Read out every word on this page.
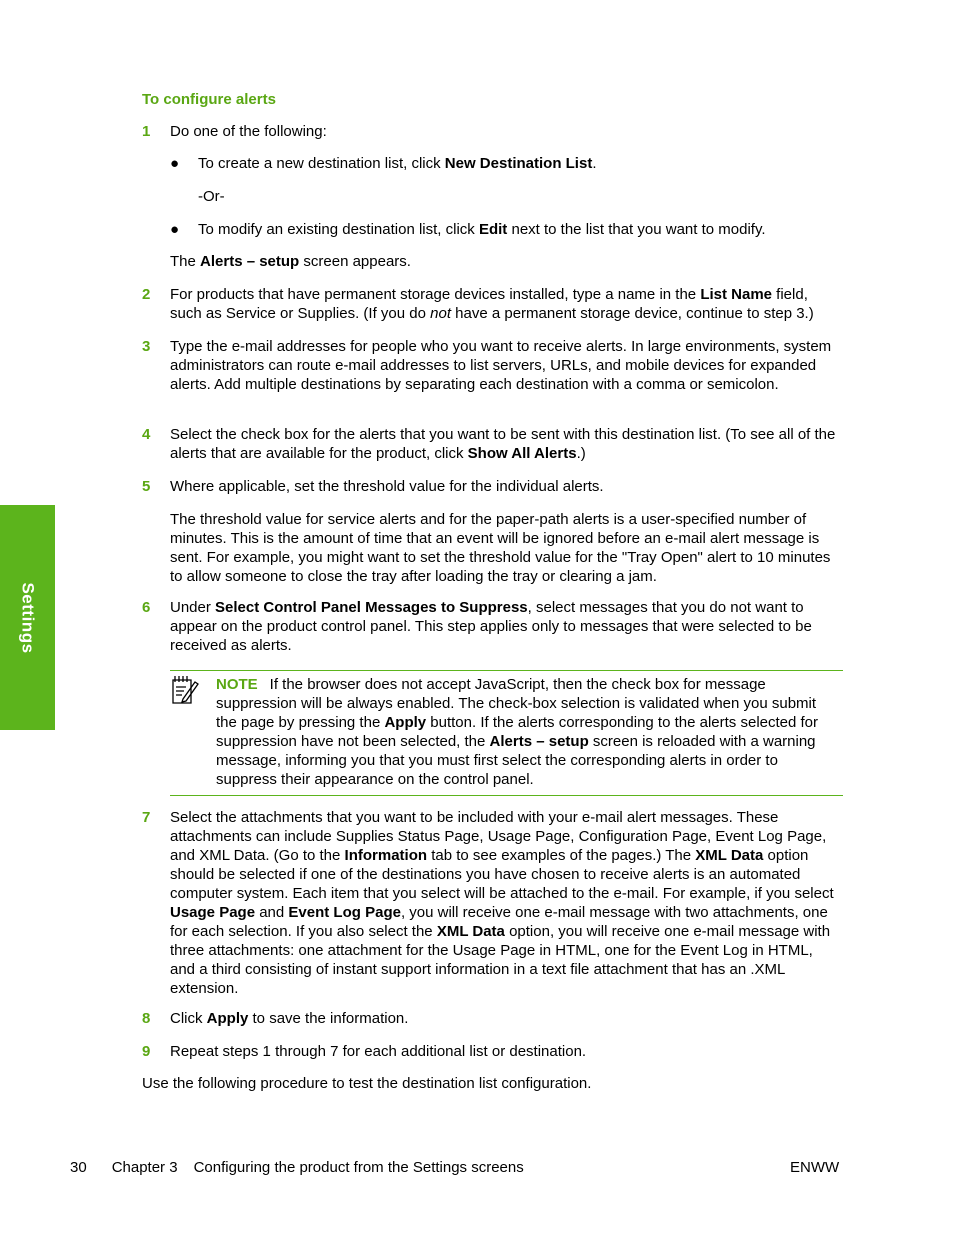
Settings
To configure alerts
1 Do one of the following:
● To create a new destination list, click New Destination List.
-Or-
● To modify an existing destination list, click Edit next to the list that you want to modify.
The Alerts – setup screen appears.
2 For products that have permanent storage devices installed, type a name in the List Name field, such as Service or Supplies. (If you do not have a permanent storage device, continue to step 3.)
3 Type the e-mail addresses for people who you want to receive alerts. In large environments, system administrators can route e-mail addresses to list servers, URLs, and mobile devices for expanded alerts. Add multiple destinations by separating each destination with a comma or semicolon.
4 Select the check box for the alerts that you want to be sent with this destination list. (To see all of the alerts that are available for the product, click Show All Alerts.)
5 Where applicable, set the threshold value for the individual alerts.
The threshold value for service alerts and for the paper-path alerts is a user-specified number of minutes. This is the amount of time that an event will be ignored before an e-mail alert message is sent. For example, you might want to set the threshold value for the "Tray Open" alert to 10 minutes to allow someone to close the tray after loading the tray or clearing a jam.
6 Under Select Control Panel Messages to Suppress, select messages that you do not want to appear on the product control panel. This step applies only to messages that were selected to be received as alerts.
NOTE If the browser does not accept JavaScript, then the check box for message suppression will be always enabled. The check-box selection is validated when you submit the page by pressing the Apply button. If the alerts corresponding to the alerts selected for suppression have not been selected, the Alerts – setup screen is reloaded with a warning message, informing you that you must first select the corresponding alerts in order to suppress their appearance on the control panel.
7 Select the attachments that you want to be included with your e-mail alert messages. These attachments can include Supplies Status Page, Usage Page, Configuration Page, Event Log Page, and XML Data. (Go to the Information tab to see examples of the pages.) The XML Data option should be selected if one of the destinations you have chosen to receive alerts is an automated computer system. Each item that you select will be attached to the e-mail. For example, if you select Usage Page and Event Log Page, you will receive one e-mail message with two attachments, one for each selection. If you also select the XML Data option, you will receive one e-mail message with three attachments: one attachment for the Usage Page in HTML, one for the Event Log in HTML, and a third consisting of instant support information in a text file attachment that has an .XML extension.
8 Click Apply to save the information.
9 Repeat steps 1 through 7 for each additional list or destination.
Use the following procedure to test the destination list configuration.
30 Chapter 3 Configuring the product from the Settings screens	ENWW
